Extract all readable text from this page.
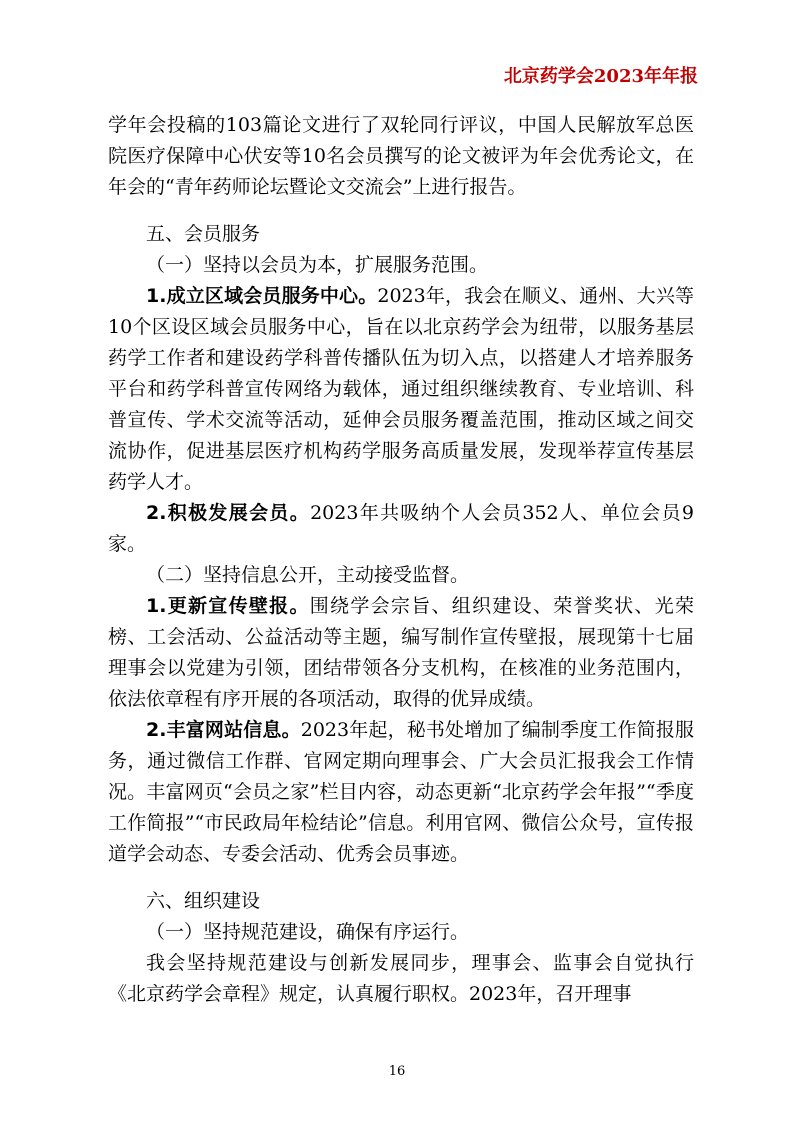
北京药学会2023年年报

学年会投稿的103篇论文进行了双轮同行评议，中国人民解放军总医院医疗保障中心伏安等10名会员撰写的论文被评为年会优秀论文，在年会的“青年药师论坛暨论文交流会”上进行报告。

五、会员服务

（一）坚持以会员为本，扩展服务范围。

1.成立区域会员服务中心。2023年，我会在顺义、通州、大兴等10个区设区域会员服务中心，旨在以北京药学会为纽带，以服务基层药学工作者和建设药学科普传播队伍为切入点，以搭建人才培养服务平台和药学科普宣传网络为载体，通过组织继续教育、专业培训、科普宣传、学术交流等活动，延伸会员服务覆盖范围，推动区域之间交流协作，促进基层医疗机构药学服务高质量发展，发现举荐宣传基层药学人才。

2.积极发展会员。2023年共吸纳个人会员352人、单位会员9家。

（二）坚持信息公开，主动接受监督。

1.更新宣传壁报。围绕学会宗旨、组织建设、荣誉奖状、光荣榜、工会活动、公益活动等主题，编写制作宣传壁报，展现第十七届理事会以党建为引领，团结带领各分支机构，在核准的业务范围内，依法依章程有序开展的各项活动，取得的优异成绩。

2.丰富网站信息。2023年起，秘书处增加了编制季度工作简报服务，通过微信工作群、官网定期向理事会、广大会员汇报我会工作情况。丰富网页“会员之家”栏目内容，动态更新“北京药学会年报”“季度工作简报”“市民政局年检结论”信息。利用官网、微信公众号，宣传报道学会动态、专委会活动、优秀会员事迹。

六、组织建设

（一）坚持规范建设，确保有序运行。

我会坚持规范建设与创新发展同步，理事会、监事会自觉执行《北京药学会章程》规定，认真履行职权。2023年，召开理事

16
